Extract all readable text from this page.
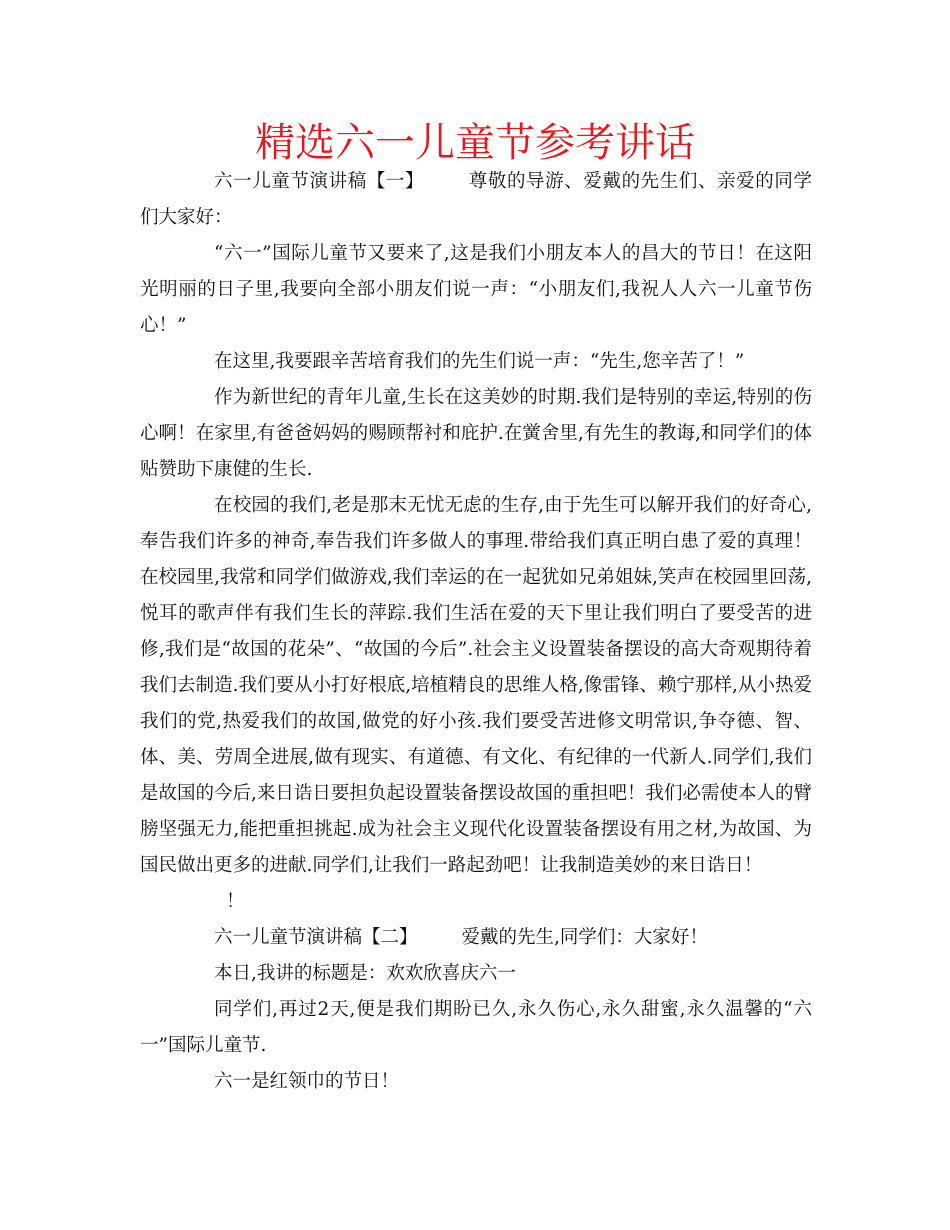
精选六一儿童节参考讲话

六一儿童节演讲稿【一】 尊敬的导游、爱戴的先生们、亲爱的同学们大家好：

“六一”国际儿童节又要来了,这是我们小朋友本人的昌大的节日！在这阳光明丽的日子里,我要向全部小朋友们说一声：“小朋友们,我祝人人六一儿童节伤心！”

在这里,我要跟辛苦培育我们的先生们说一声：“先生,您辛苦了！”

作为新世纪的青年儿童,生长在这美妙的时期.我们是特别的幸运,特别的伤心啊！在家里,有爸爸妈妈的赐顾帮衬和庇护.在黉舍里,有先生的教诲,和同学们的体贴赞助下康健的生长.

在校园的我们,老是那末无忧无虑的生存,由于先生可以解开我们的好奇心,奉告我们许多的神奇,奉告我们许多做人的事理.带给我们真正明白患了爱的真理！在校园里,我常和同学们做游戏,我们幸运的在一起犹如兄弟姐妹,笑声在校园里回荡,悦耳的歌声伴有我们生长的萍踪.我们生活在爱的天下里让我们明白了要受苦的进修,我们是“故国的花朵”、“故国的今后”.社会主义设置装备摆设的高大奇观期待着我们去制造.我们要从小打好根底,培植精良的思维人格,像雷锋、赖宁那样,从小热爱我们的党,热爱我们的故国,做党的好小孩.我们要受苦进修文明常识,争夺德、智、体、美、劳周全进展,做有现实、有道德、有文化、有纪律的一代新人.同学们,我们是故国的今后,来日诰日要担负起设置装备摆设故国的重担吧！我们必需使本人的臂膀坚强无力,能把重担挑起.成为社会主义现代化设置装备摆设有用之材,为故国、为国民做出更多的进献.同学们,让我们一路起劲吧！让我制造美妙的来日诰日！

！

六一儿童节演讲稿【二】 爱戴的先生,同学们：大家好！

本日,我讲的标题是：欢欢欣喜庆六一

同学们,再过2天,便是我们期盼已久,永久伤心,永久甜蜜,永久温馨的“六一”国际儿童节.

六一是红领巾的节日！
